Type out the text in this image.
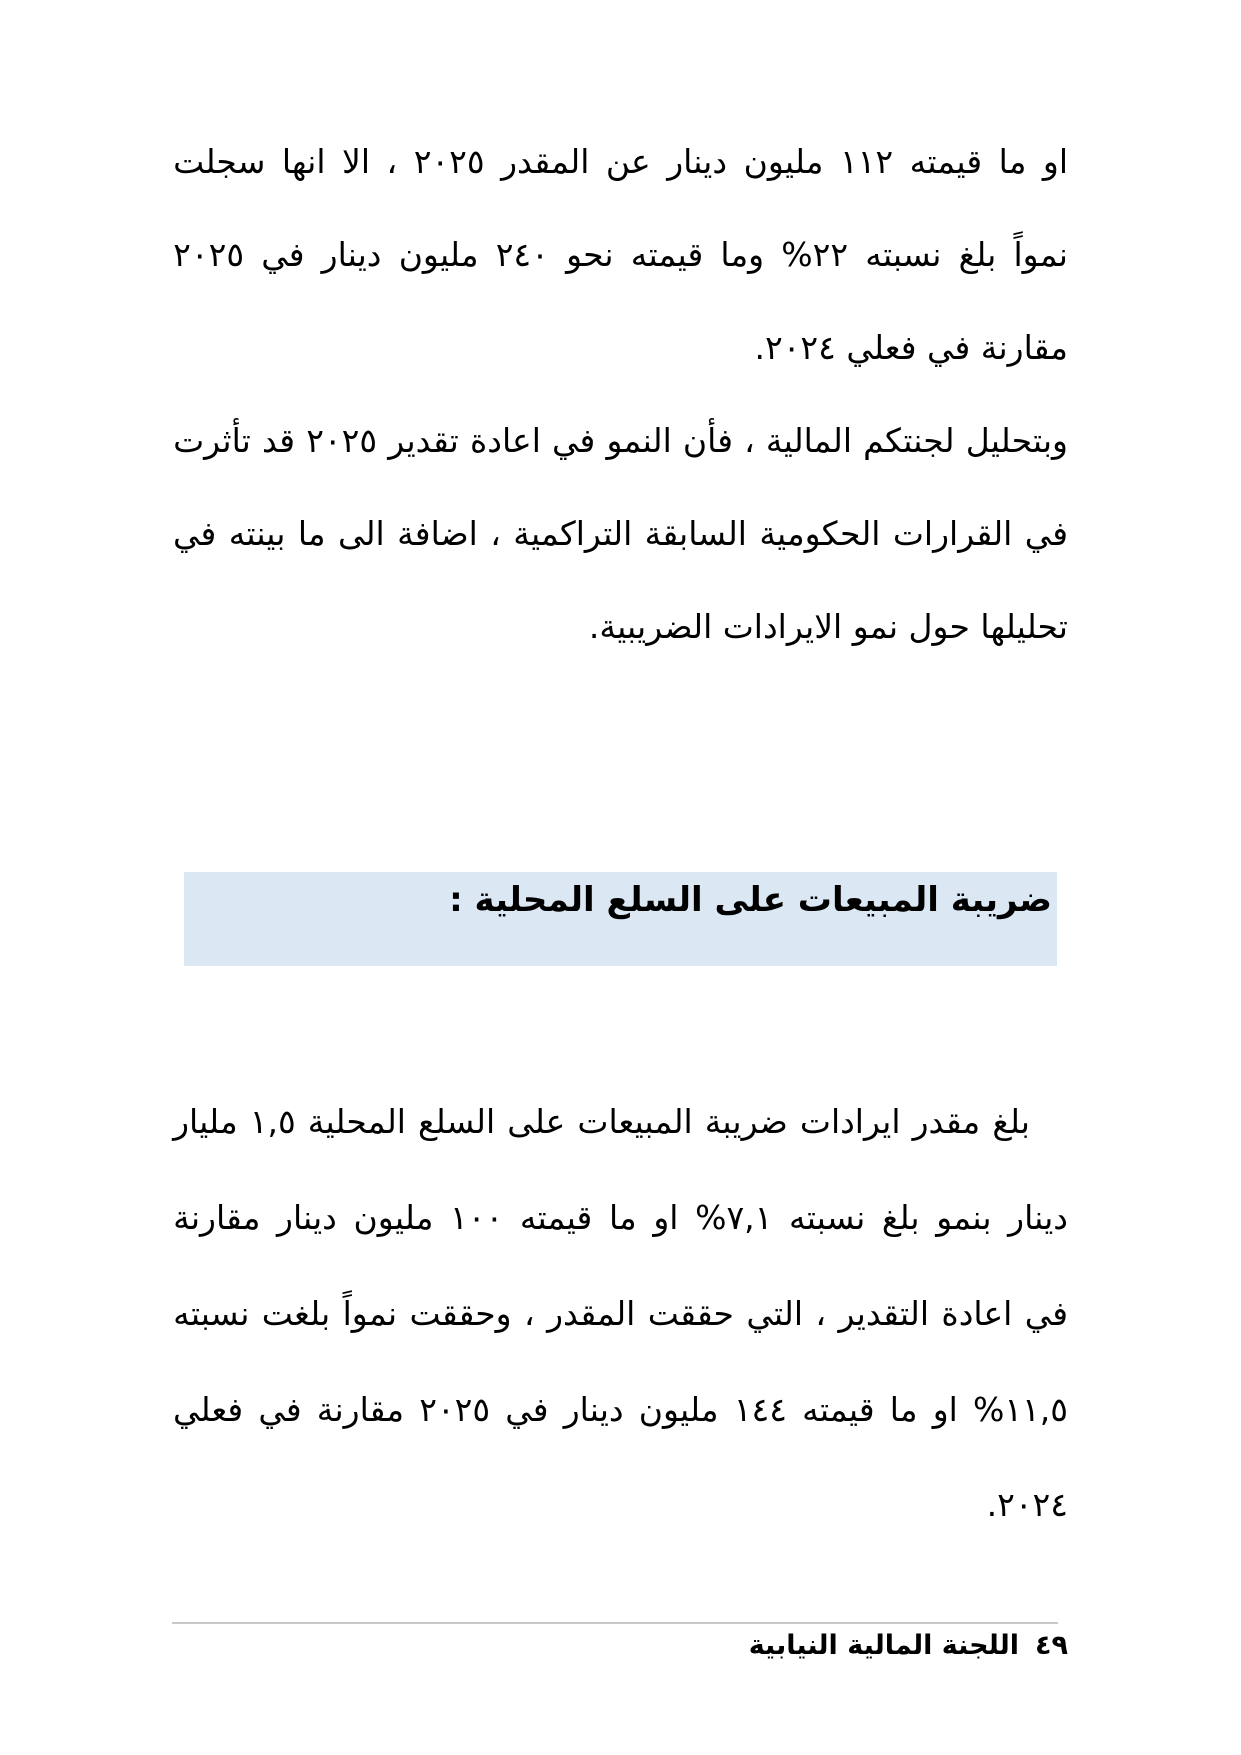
او
ما
قيمته
١١٢
مليون
دينار
عن
المقدر
٢٠٢٥
،
الا
انها
سجلت
نمواً
بلغ
نسبته
٢٢%
وما
قيمته
نحو
٢٤٠
مليون
دينار
في
٢٠٢٥
مقارنة في فعلي ٢٠٢٤.
وبتحليل
لجنتكم
المالية
،
فأن
النمو
في
اعادة
تقدير
٢٠٢٥
قد
تأثرت
في
القرارات
الحكومية
السابقة
التراكمية
،
اضافة
الى
ما
بينته
في
تحليلها حول نمو الايرادات الضريبية.
ضريبة المبيعات على السلع المحلية :
بلغ
مقدر
ايرادات
ضريبة
المبيعات
على
السلع
المحلية
١,٥
مليار
دينار
بنمو
بلغ
نسبته
٧,١%
او
ما
قيمته
١٠٠
مليون
دينار
مقارنة
في
اعادة
التقدير
،
التي
حققت
المقدر
،
وحققت
نمواً
بلغت
نسبته
١١,٥%
او
ما
قيمته
١٤٤
مليون
دينار
في
٢٠٢٥
مقارنة
في
فعلي
٢٠٢٤.
٤٩اللجنة المالية النيابية
